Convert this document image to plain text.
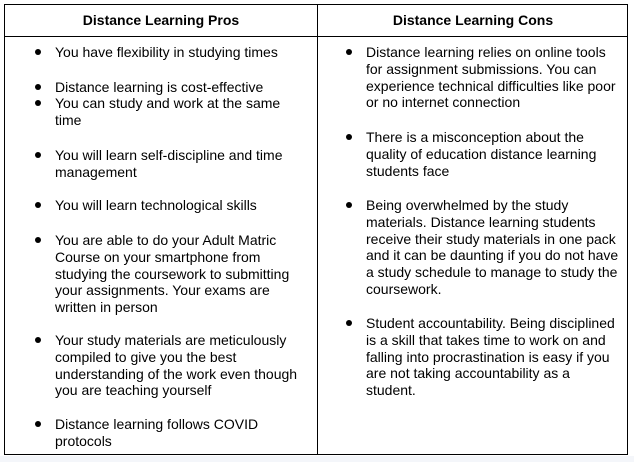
Distance Learning Pros	Distance Learning Cons
You have flexibility in studying times
Distance learning is cost-effective
You can study and work at the same time
You will learn self-discipline and time management
You will learn technological skills
You are able to do your Adult Matric Course on your smartphone from studying the coursework to submitting your assignments. Your exams are written in person
Your study materials are meticulously compiled to give you the best understanding of the work even though you are teaching yourself
Distance learning follows COVID protocols
Distance learning relies on online tools for assignment submissions. You can experience technical difficulties like poor or no internet connection
There is a misconception about the quality of education distance learning students face
Being overwhelmed by the study materials. Distance learning students receive their study materials in one pack and it can be daunting if you do not have a study schedule to manage to study the coursework.
Student accountability. Being disciplined is a skill that takes time to work on and falling into procrastination is easy if you are not taking accountability as a student.
